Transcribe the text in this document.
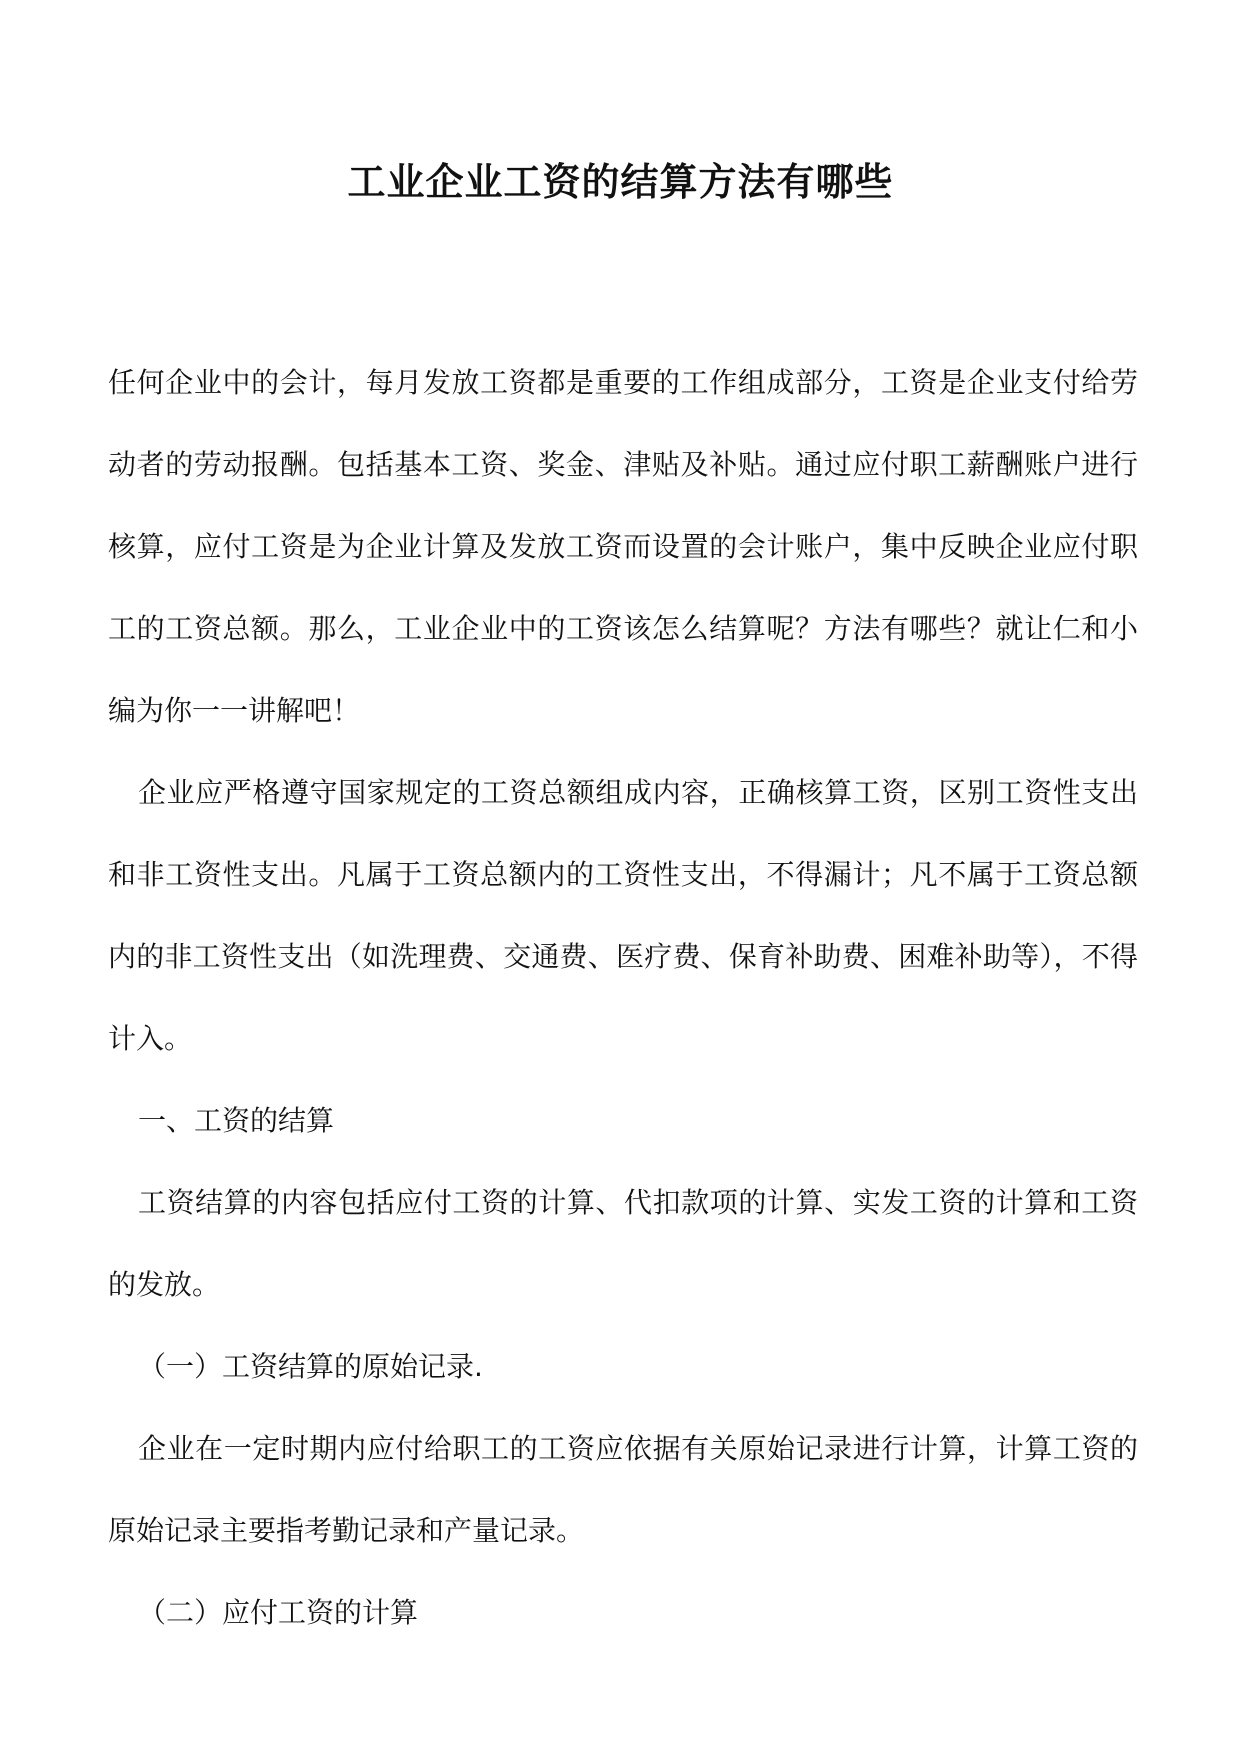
工业企业工资的结算方法有哪些

任何企业中的会计，每月发放工资都是重要的工作组成部分，工资是企业支付给劳动者的劳动报酬。包括基本工资、奖金、津贴及补贴。通过应付职工薪酬账户进行核算，应付工资是为企业计算及发放工资而设置的会计账户，集中反映企业应付职工的工资总额。那么，工业企业中的工资该怎么结算呢？方法有哪些？就让仁和小编为你一一讲解吧！

企业应严格遵守国家规定的工资总额组成内容，正确核算工资，区别工资性支出和非工资性支出。凡属于工资总额内的工资性支出，不得漏计；凡不属于工资总额内的非工资性支出（如洗理费、交通费、医疗费、保育补助费、困难补助等），不得计入。

一、工资的结算

工资结算的内容包括应付工资的计算、代扣款项的计算、实发工资的计算和工资的发放。

（一）工资结算的原始记录.

企业在一定时期内应付给职工的工资应依据有关原始记录进行计算，计算工资的原始记录主要指考勤记录和产量记录。

（二）应付工资的计算
